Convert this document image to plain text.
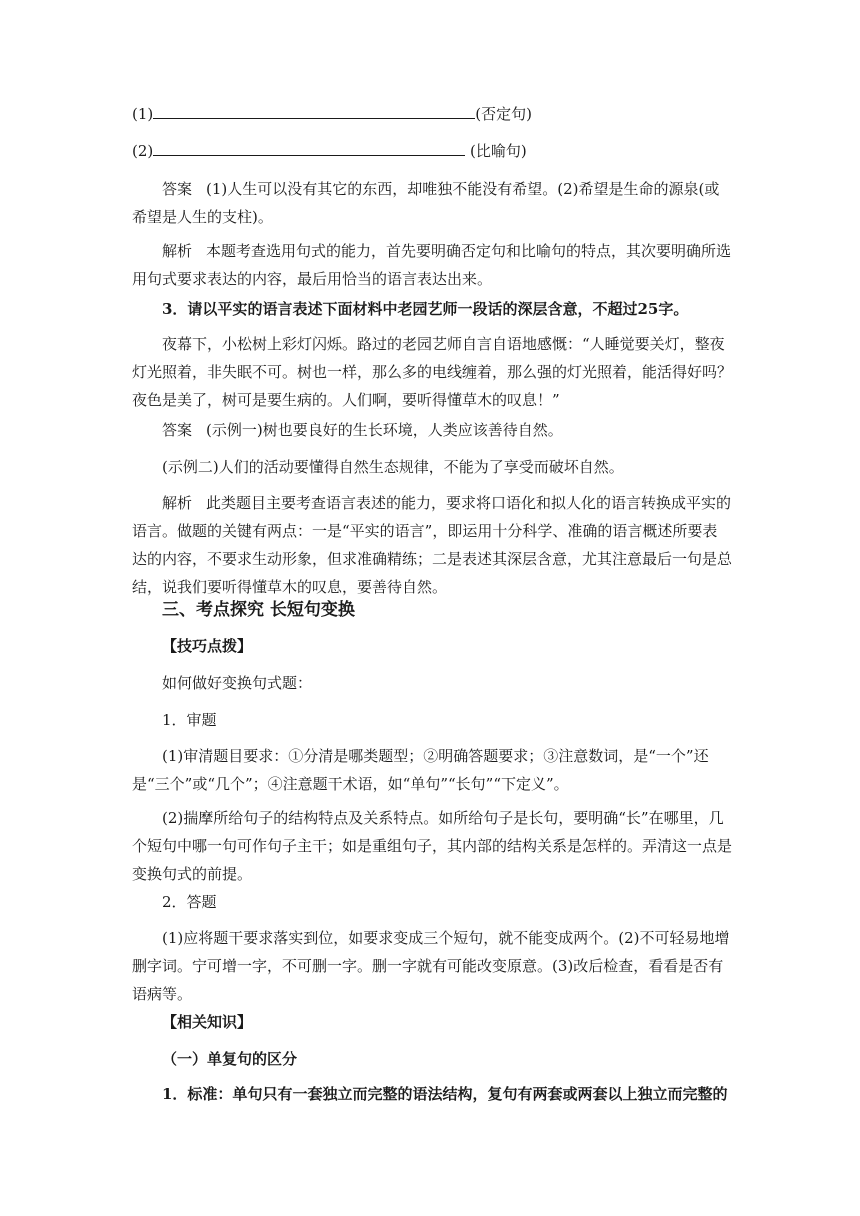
(1)	(否定句)

(2)	(比喻句)

答案 (1)人生可以没有其它的东西，却唯独不能没有希望。(2)希望是生命的源泉(或希望是人生的支柱)。

解析 本题考查选用句式的能力，首先要明确否定句和比喻句的特点，其次要明确所选用句式要求表达的内容，最后用恰当的语言表达出来。

3．请以平实的语言表述下面材料中老园艺师一段话的深层含意，不超过25字。

夜幕下，小松树上彩灯闪烁。路过的老园艺师自言自语地感慨：“人睡觉要关灯，整夜灯光照着，非失眠不可。树也一样，那么多的电线缠着，那么强的灯光照着，能活得好吗？夜色是美了，树可是要生病的。人们啊，要听得懂草木的叹息！”

答案 (示例一)树也要良好的生长环境，人类应该善待自然。

(示例二)人们的活动要懂得自然生态规律，不能为了享受而破坏自然。

解析 此类题目主要考查语言表述的能力，要求将口语化和拟人化的语言转换成平实的语言。做题的关键有两点：一是“平实的语言”，即运用十分科学、准确的语言概述所要表达的内容，不要求生动形象，但求准确精练；二是表述其深层含意，尤其注意最后一句是总结，说我们要听得懂草木的叹息，要善待自然。

三、考点探究 长短句变换

【技巧点拨】

如何做好变换句式题：

1．审题

(1)审清题目要求：①分清是哪类题型；②明确答题要求；③注意数词，是“一个”还是“三个”或“几个”；④注意题干术语，如“单句”“长句”“下定义”。

(2)揣摩所给句子的结构特点及关系特点。如所给句子是长句，要明确“长”在哪里，几个短句中哪一句可作句子主干；如是重组句子，其内部的结构关系是怎样的。弄清这一点是变换句式的前提。

2．答题

(1)应将题干要求落实到位，如要求变成三个短句，就不能变成两个。(2)不可轻易地增删字词。宁可增一字，不可删一字。删一字就有可能改变原意。(3)改后检查，看看是否有语病等。

【相关知识】

（一）单复句的区分

1．标准：单句只有一套独立而完整的语法结构，复句有两套或两套以上独立而完整的
